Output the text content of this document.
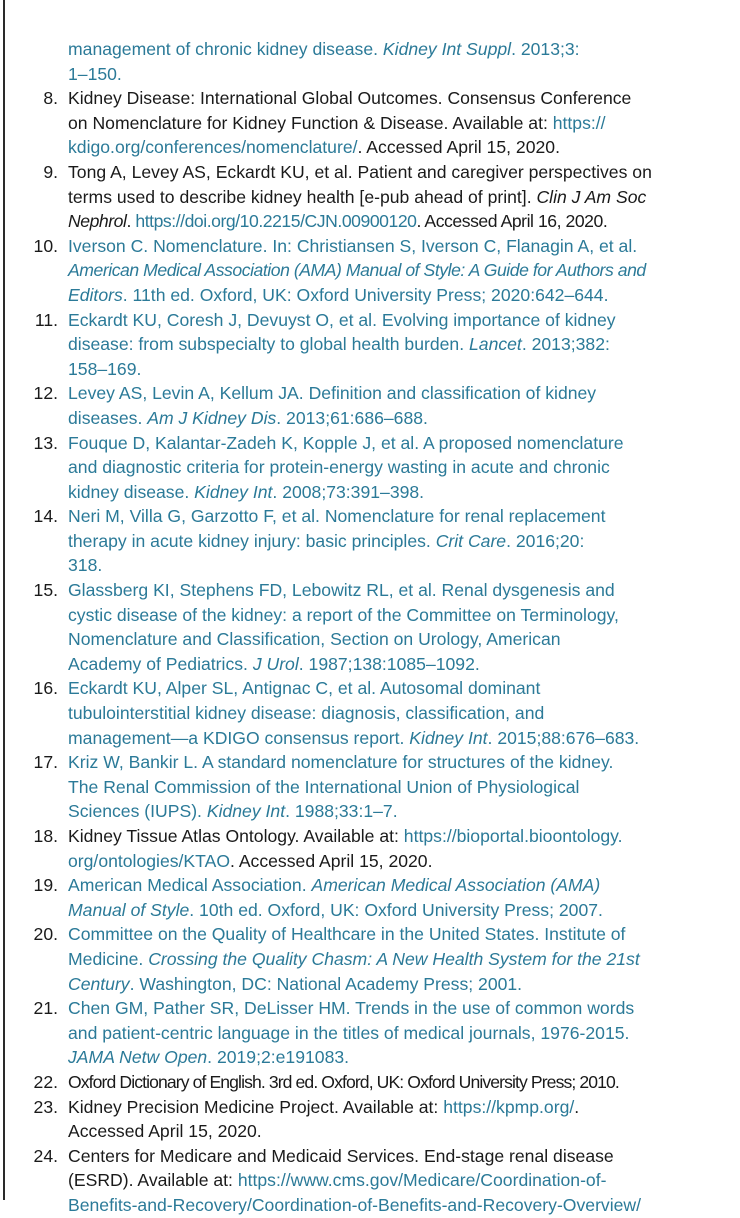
management of chronic kidney disease. Kidney Int Suppl. 2013;3:
1–150.
8. Kidney Disease: International Global Outcomes. Consensus Conference
on Nomenclature for Kidney Function & Disease. Available at: https://
kdigo.org/conferences/nomenclature/. Accessed April 15, 2020.
9. Tong A, Levey AS, Eckardt KU, et al. Patient and caregiver perspectives on
terms used to describe kidney health [e-pub ahead of print]. Clin J Am Soc
Nephrol. https://doi.org/10.2215/CJN.00900120. Accessed April 16, 2020.
10. Iverson C. Nomenclature. In: Christiansen S, Iverson C, Flanagin A, et al.
American Medical Association (AMA) Manual of Style: A Guide for Authors and
Editors. 11th ed. Oxford, UK: Oxford University Press; 2020:642–644.
11. Eckardt KU, Coresh J, Devuyst O, et al. Evolving importance of kidney
disease: from subspecialty to global health burden. Lancet. 2013;382:
158–169.
12. Levey AS, Levin A, Kellum JA. Definition and classification of kidney
diseases. Am J Kidney Dis. 2013;61:686–688.
13. Fouque D, Kalantar-Zadeh K, Kopple J, et al. A proposed nomenclature
and diagnostic criteria for protein-energy wasting in acute and chronic
kidney disease. Kidney Int. 2008;73:391–398.
14. Neri M, Villa G, Garzotto F, et al. Nomenclature for renal replacement
therapy in acute kidney injury: basic principles. Crit Care. 2016;20:
318.
15. Glassberg KI, Stephens FD, Lebowitz RL, et al. Renal dysgenesis and
cystic disease of the kidney: a report of the Committee on Terminology,
Nomenclature and Classification, Section on Urology, American
Academy of Pediatrics. J Urol. 1987;138:1085–1092.
16. Eckardt KU, Alper SL, Antignac C, et al. Autosomal dominant
tubulointerstitial kidney disease: diagnosis, classification, and
management—a KDIGO consensus report. Kidney Int. 2015;88:676–683.
17. Kriz W, Bankir L. A standard nomenclature for structures of the kidney.
The Renal Commission of the International Union of Physiological
Sciences (IUPS). Kidney Int. 1988;33:1–7.
18. Kidney Tissue Atlas Ontology. Available at: https://bioportal.bioontology.
org/ontologies/KTAO. Accessed April 15, 2020.
19. American Medical Association. American Medical Association (AMA)
Manual of Style. 10th ed. Oxford, UK: Oxford University Press; 2007.
20. Committee on the Quality of Healthcare in the United States. Institute of
Medicine. Crossing the Quality Chasm: A New Health System for the 21st
Century. Washington, DC: National Academy Press; 2001.
21. Chen GM, Pather SR, DeLisser HM. Trends in the use of common words
and patient-centric language in the titles of medical journals, 1976-2015.
JAMA Netw Open. 2019;2:e191083.
22. Oxford Dictionary of English. 3rd ed. Oxford, UK: Oxford University Press; 2010.
23. Kidney Precision Medicine Project. Available at: https://kpmp.org/.
Accessed April 15, 2020.
24. Centers for Medicare and Medicaid Services. End-stage renal disease
(ESRD). Available at: https://www.cms.gov/Medicare/Coordination-of-
Benefits-and-Recovery/Coordination-of-Benefits-and-Recovery-Overview/
